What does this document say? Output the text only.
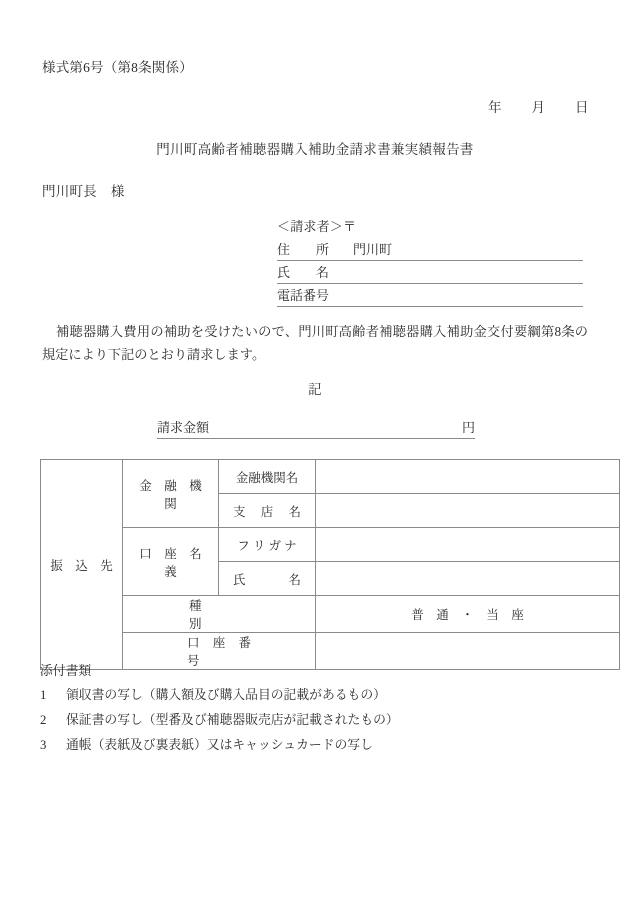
様式第6号（第8条関係）
年 月 日
門川町高齢者補聴器購入補助金請求書兼実績報告書
門川町長 様
＜請求者＞〒
住　　所 門川町
氏　　名
電話番号
補聴器購入費用の補助を受けたいので、門川町高齢者補聴器購入補助金交付要綱第8条の規定により下記のとおり請求します。
記
請求金額	円
振　込　先	金　融　機　関	金融機関名	
		支　店　名	
	口　座　名　義	フ リ ガ ナ	
		氏　　　名	
	種　　　別		普　通　・　当　座
	口　座　番　号		
添付書類
1 領収書の写し（購入額及び購入品目の記載があるもの）
2 保証書の写し（型番及び補聴器販売店が記載されたもの）
3 通帳（表紙及び裏表紙）又はキャッシュカードの写し
